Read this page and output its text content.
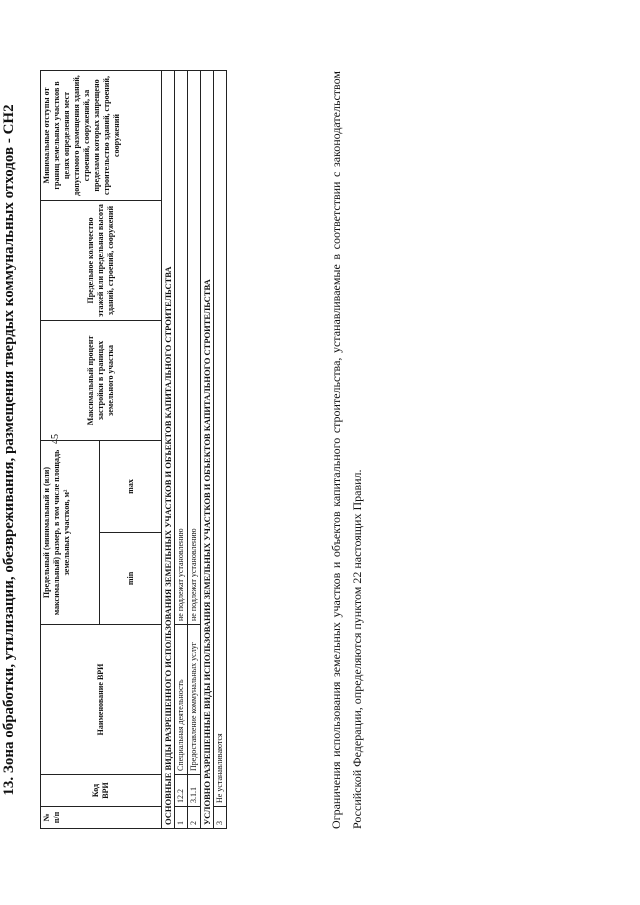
45
13. Зона обработки, утилизации, обезвреживания, размещения твердых коммунальных отходов - СН2
№ п/п	Код ВРИ	Наименование ВРИ	Предельный (минимальный и (или) максимальный) размер, в том числе площадь земельных участков, м²		Максимальный процент застройки в границах земельного участка	Предельное количество этажей или предельная высота зданий, строений, сооружений	Минимальные отступы от границ земельных участков в целях определения мест допустимого размещения зданий, строений, сооружений, за пределами которых запрещено строительство зданий, строений, сооружений
			min	max			
ОСНОВНЫЕ ВИДЫ РАЗРЕШЕННОГО ИСПОЛЬЗОВАНИЯ ЗЕМЕЛЬНЫХ УЧАСТКОВ И ОБЪЕКТОВ КАПИТАЛЬНОГО СТРОИТЕЛЬСТВА							
1	12.2	Специальная деятельность	не подлежат установлению				
2	3.1.1	Предоставление коммунальных услуг	не подлежат установлению				
УСЛОВНО РАЗРЕШЕННЫЕ ВИДЫ ИСПОЛЬЗОВАНИЯ ЗЕМЕЛЬНЫХ УЧАСТКОВ И ОБЪЕКТОВ КАПИТАЛЬНОГО СТРОИТЕЛЬСТВА							
3	Не устанавливаются							Ограничения использования земельных участков и объектов капитального строительства, устанавливаемые в соответствии с законодательством Российской Федерации, определяются пунктом 22 настоящих Правил.
